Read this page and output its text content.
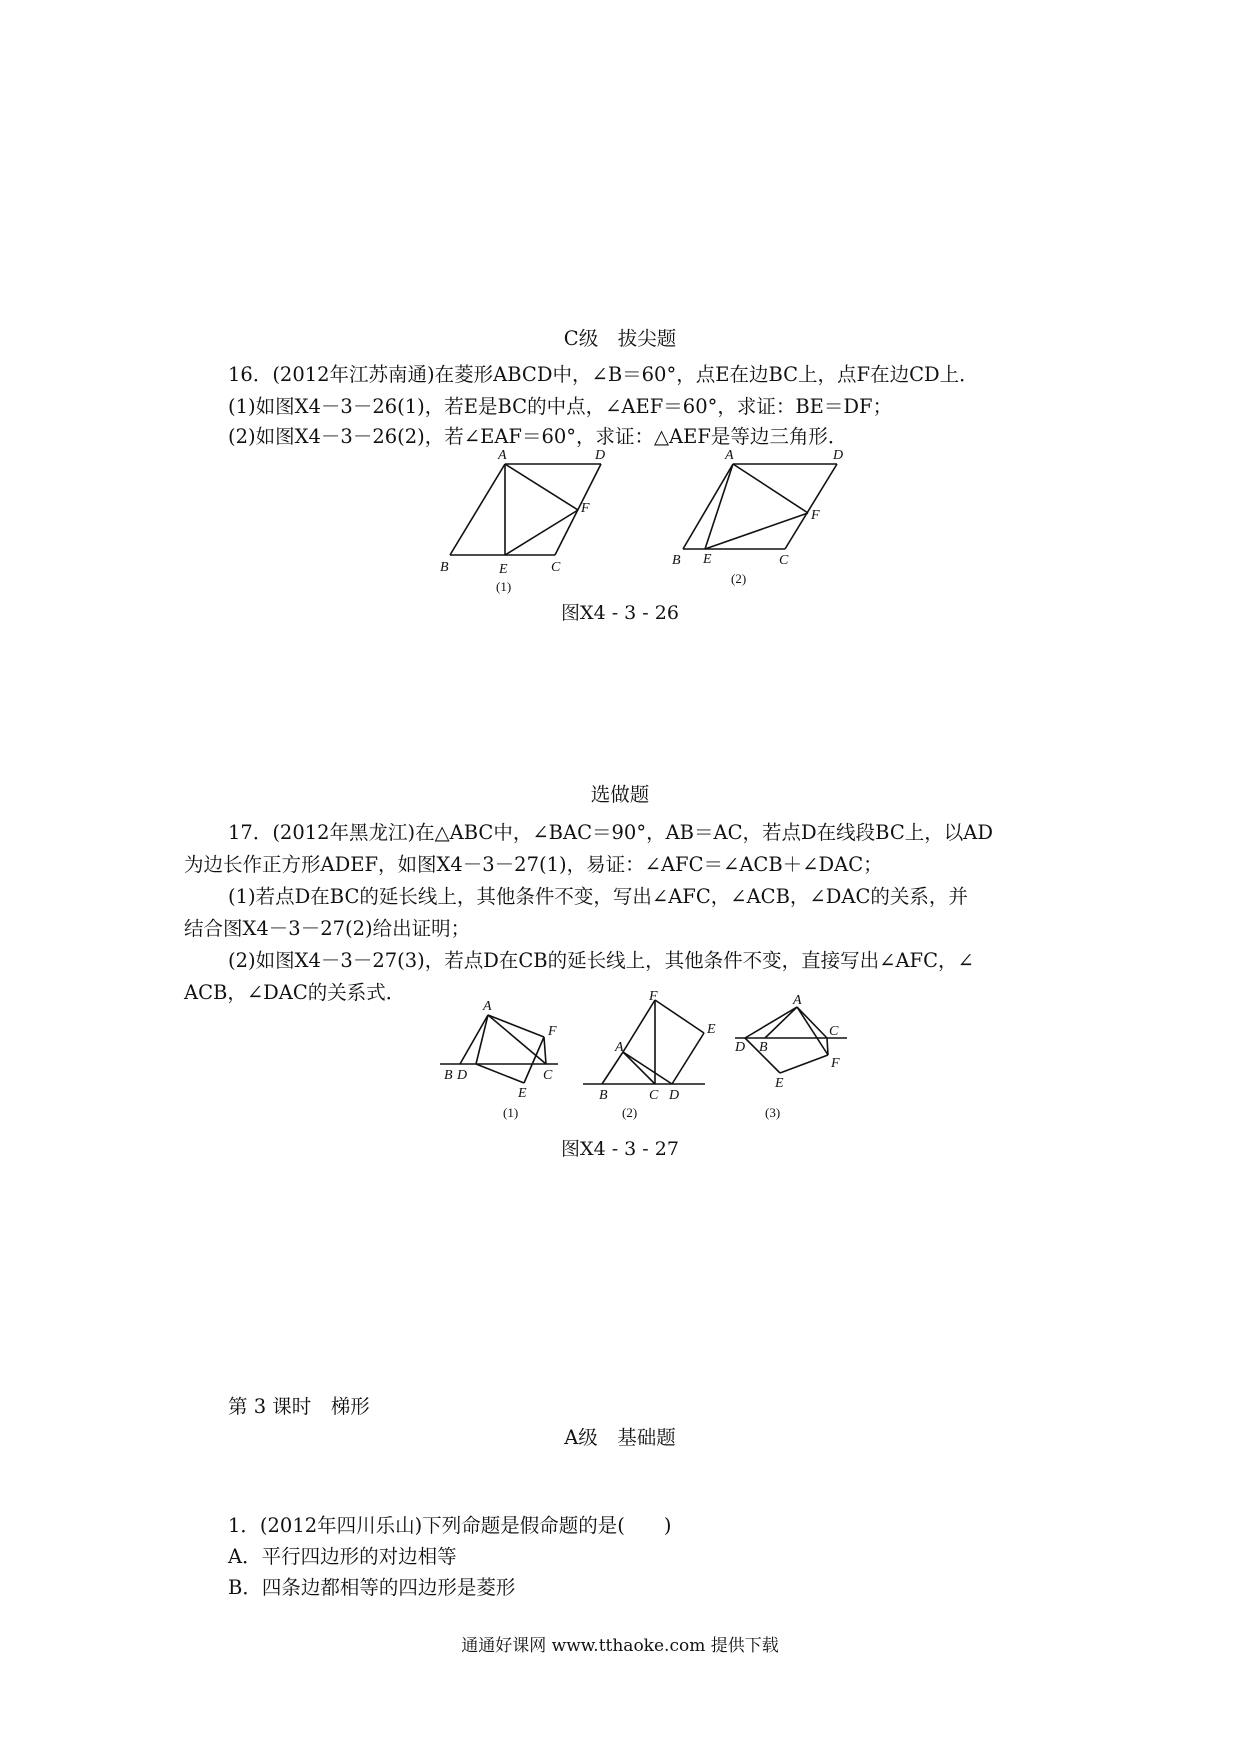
C级　拔尖题
16．(2012年江苏南通)在菱形ABCD中，∠B＝60°，点E在边BC上，点F在边CD上．
(1)如图X4－3－26(1)，若E是BC的中点，∠AEF＝60°，求证：BE＝DF；
(2)如图X4－3－26(2)，若∠EAF＝60°，求证：△AEF是等边三角形．
A	D
F
B	E	C
(1)
A	D
F
B E	C
(2)
图X4 - 3 - 26
选做题
17．(2012年黑龙江)在△ABC中，∠BAC＝90°，AB＝AC，若点D在线段BC上，以AD
为边长作正方形ADEF，如图X4－3－27(1)，易证：∠AFC＝∠ACB＋∠DAC；
(1)若点D在BC的延长线上，其他条件不变，写出∠AFC，∠ACB，∠DAC的关系，并
结合图X4－3－27(2)给出证明；
(2)如图X4－3－27(3)，若点D在CB的延长线上，其他条件不变，直接写出∠AFC，∠
ACB，∠DAC的关系式．
A
F
B D	C
E
(1)
F
E
A
B	C D
(2)
A
C
D B
F
E
(3)
图X4 - 3 - 27
第 3 课时　梯形
A级　基础题
1．(2012年四川乐山)下列命题是假命题的是(　　)
A．平行四边形的对边相等
B．四条边都相等的四边形是菱形
通通好课网 www.tthaoke.com 提供下载
